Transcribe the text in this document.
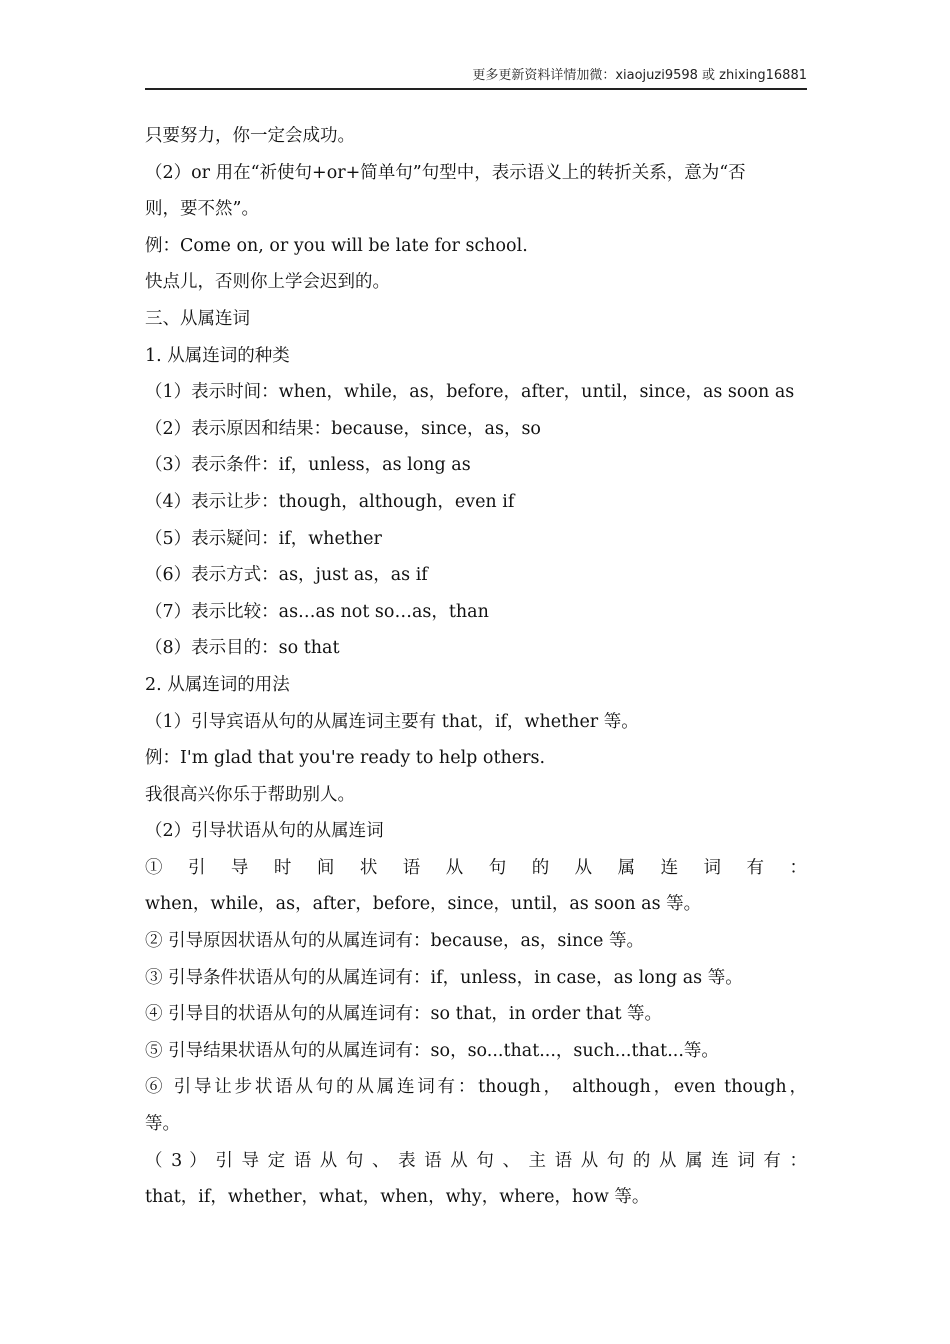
更多更新资料详情加微：xiaojuzi9598 或 zhixing16881
只要努力，你一定会成功。
（2）or 用在“祈使句+or+简单句”句型中，表示语义上的转折关系，意为“否
则，要不然”。
例：Come on, or you will be late for school.
快点儿，否则你上学会迟到的。
三、从属连词
1. 从属连词的种类
（1）表示时间：when，while，as，before，after，until，since，as soon as
（2）表示原因和结果：because，since，as，so
（3）表示条件：if，unless，as long as
（4）表示让步：though，although，even if
（5）表示疑问：if，whether
（6）表示方式：as，just as，as if
（7）表示比较：as…as not so…as，than
（8）表示目的：so that
2. 从属连词的用法
（1）引导宾语从句的从属连词主要有 that，if，whether 等。
例：I'm glad that you're ready to help others.
我很高兴你乐于帮助别人。
（2）引导状语从句的从属连词
① 引 导 时 间 状 语 从 句 的 从 属 连 词 有 ：
when，while，as，after，before，since，until，as soon as 等。
② 引导原因状语从句的从属连词有：because，as，since 等。
③ 引导条件状语从句的从属连词有：if，unless，in case，as long as 等。
④ 引导目的状语从句的从属连词有：so that，in order that 等。
⑤ 引导结果状语从句的从属连词有：so，so...that...，such...that...等。
⑥ 引导让步状语从句的从属连词有：though， although，even though，
等。
（ 3 ） 引 导 定 语 从 句 、 表 语 从 句 、 主 语 从 句 的 从 属 连 词 有 ：
that，if，whether，what，when，why，where，how 等。
